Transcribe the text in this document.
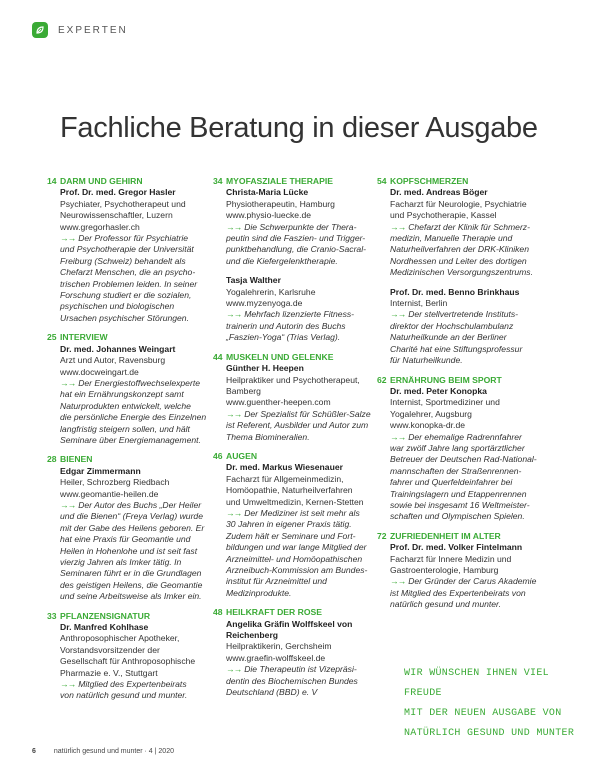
EXPERTEN
Fachliche Beratung in dieser Ausgabe
14 DARM UND GEHIRN
Prof. Dr. med. Gregor Hasler
Psychiater, Psychotherapeut und
Neurowissenschaftler, Luzern
www.gregorhasler.ch
→→ Der Professor für Psychiatrie
und Psychotherapie der Universität
Freiburg (Schweiz) behandelt als
Chefarzt Menschen, die an psycho-
trischen Problemen leiden. In seiner
Forschung studiert er die sozialen,
psychischen und biologischen
Ursachen psychischer Störungen.
25 INTERVIEW
Dr. med. Johannes Weingart
Arzt und Autor, Ravensburg
www.docweingart.de
→→ Der Energiestoffwechselexperte
hat ein Ernährungskonzept samt
Naturprodukten entwickelt, welche
die persönliche Energie des Einzelnen
langfristig steigern sollen, und hält
Seminare über Energiemanagement.
28 BIENEN
Edgar Zimmermann
Heiler, Schrozberg Riedbach
www.geomantie-heilen.de
→→ Der Autor des Buchs „Der Heiler
und die Bienen“ (Freya Verlag) wurde
mit der Gabe des Heilens geboren. Er
hat eine Praxis für Geomantie und
Heilen in Hohenlohe und ist seit fast
vierzig Jahren als Imker tätig. In
Seminaren führt er in die Grundlagen
des geistigen Heilens, die Geomantie
und seine Arbeitsweise als Imker ein.
33 PFLANZENSIGNATUR
Dr. Manfred Kohlhase
Anthroposophischer Apotheker,
Vorstandsvorsitzender der
Gesellschaft für Anthroposophische
Pharmazie e. V., Stuttgart
→→ Mitglied des Expertenbeirats
von natürlich gesund und munter.
34 MYOFASZIALE THERAPIE
Christa-Maria Lücke
Physiotherapeutin, Hamburg
www.physio-luecke.de
→→ Die Schwerpunkte der Thera-
peutin sind die Faszien- und Trigger-
punktbehandlung, die Cranio-Sacral-
und die Kiefergelenktherapie.
Tasja Walther
Yogalehrerin, Karlsruhe
www.myzenyoga.de
→→ Mehrfach lizenzierte Fitness-
trainerin und Autorin des Buchs
„Faszien-Yoga“ (Trias Verlag).
44 MUSKELN UND GELENKE
Günther H. Heepen
Heilpraktiker und Psychotherapeut,
Bamberg
www.guenther-heepen.com
→→ Der Spezialist für Schüßler-Salze
ist Referent, Ausbilder und Autor zum
Thema Biomineralien.
46 AUGEN
Dr. med. Markus Wiesenauer
Facharzt für Allgemeinmedizin,
Homöopathie, Naturheilverfahren
und Umweltmedizin, Kernen-Stetten
→→ Der Mediziner ist seit mehr als
30 Jahren in eigener Praxis tätig.
Zudem hält er Seminare und Fort-
bildungen und war lange Mitglied der
Arzneimittel- und Homöopathischen
Arzneibuch-Kommission am Bundes-
institut für Arzneimittel und
Medizinprodukte.
48 HEILKRAFT DER ROSE
Angelika Gräfin Wolffskeel von Reichenberg
Heilpraktikerin, Gerchsheim
www.graefin-wolffskeel.de
→→ Die Therapeutin ist Vizepräsi-
dentin des Biochemischen Bundes
Deutschland (BBD) e. V
54 KOPFSCHMERZEN
Dr. med. Andreas Böger
Facharzt für Neurologie, Psychiatrie
und Psychotherapie, Kassel
→→ Chefarzt der Klinik für Schmerz-
medizin, Manuelle Therapie und
Naturheilverfahren der DRK-Kliniken
Nordhessen und Leiter des dortigen
Medizinischen Versorgungszentrums.
Prof. Dr. med. Benno Brinkhaus
Internist, Berlin
→→ Der stellvertretende Instituts-
direktor der Hochschulambulanz
Naturheilkunde an der Berliner
Charité hat eine Stiftungsprofessur
für Naturheilkunde.
62 ERNÄHRUNG BEIM SPORT
Dr. med. Peter Konopka
Internist, Sportmediziner und
Yogalehrer, Augsburg
www.konopka-dr.de
→→ Der ehemalige Radrennfahrer
war zwölf Jahre lang sportärztlicher
Betreuer der Deutschen Rad-National-
mannschaften der Straßenrennen-
fahrer und Querfeldeinfahrer bei
Trainingslagern und Etappenrennen
sowie bei insgesamt 16 Weltmeister-
schaften und Olympischen Spielen.
72 ZUFRIEDENHEIT IM ALTER
Prof. Dr. med. Volker Fintelmann
Facharzt für Innere Medizin und
Gastroenterologie, Hamburg
→→ Der Gründer der Carus Akademie
ist Mitglied des Expertenbeirats von
natürlich gesund und munter.
WIR WÜNSCHEN IHNEN VIEL FREUDE
MIT DER NEUEN AUSGABE VON
NATÜRLICH GESUND UND MUNTER
6	natürlich gesund und munter · 4 | 2020
